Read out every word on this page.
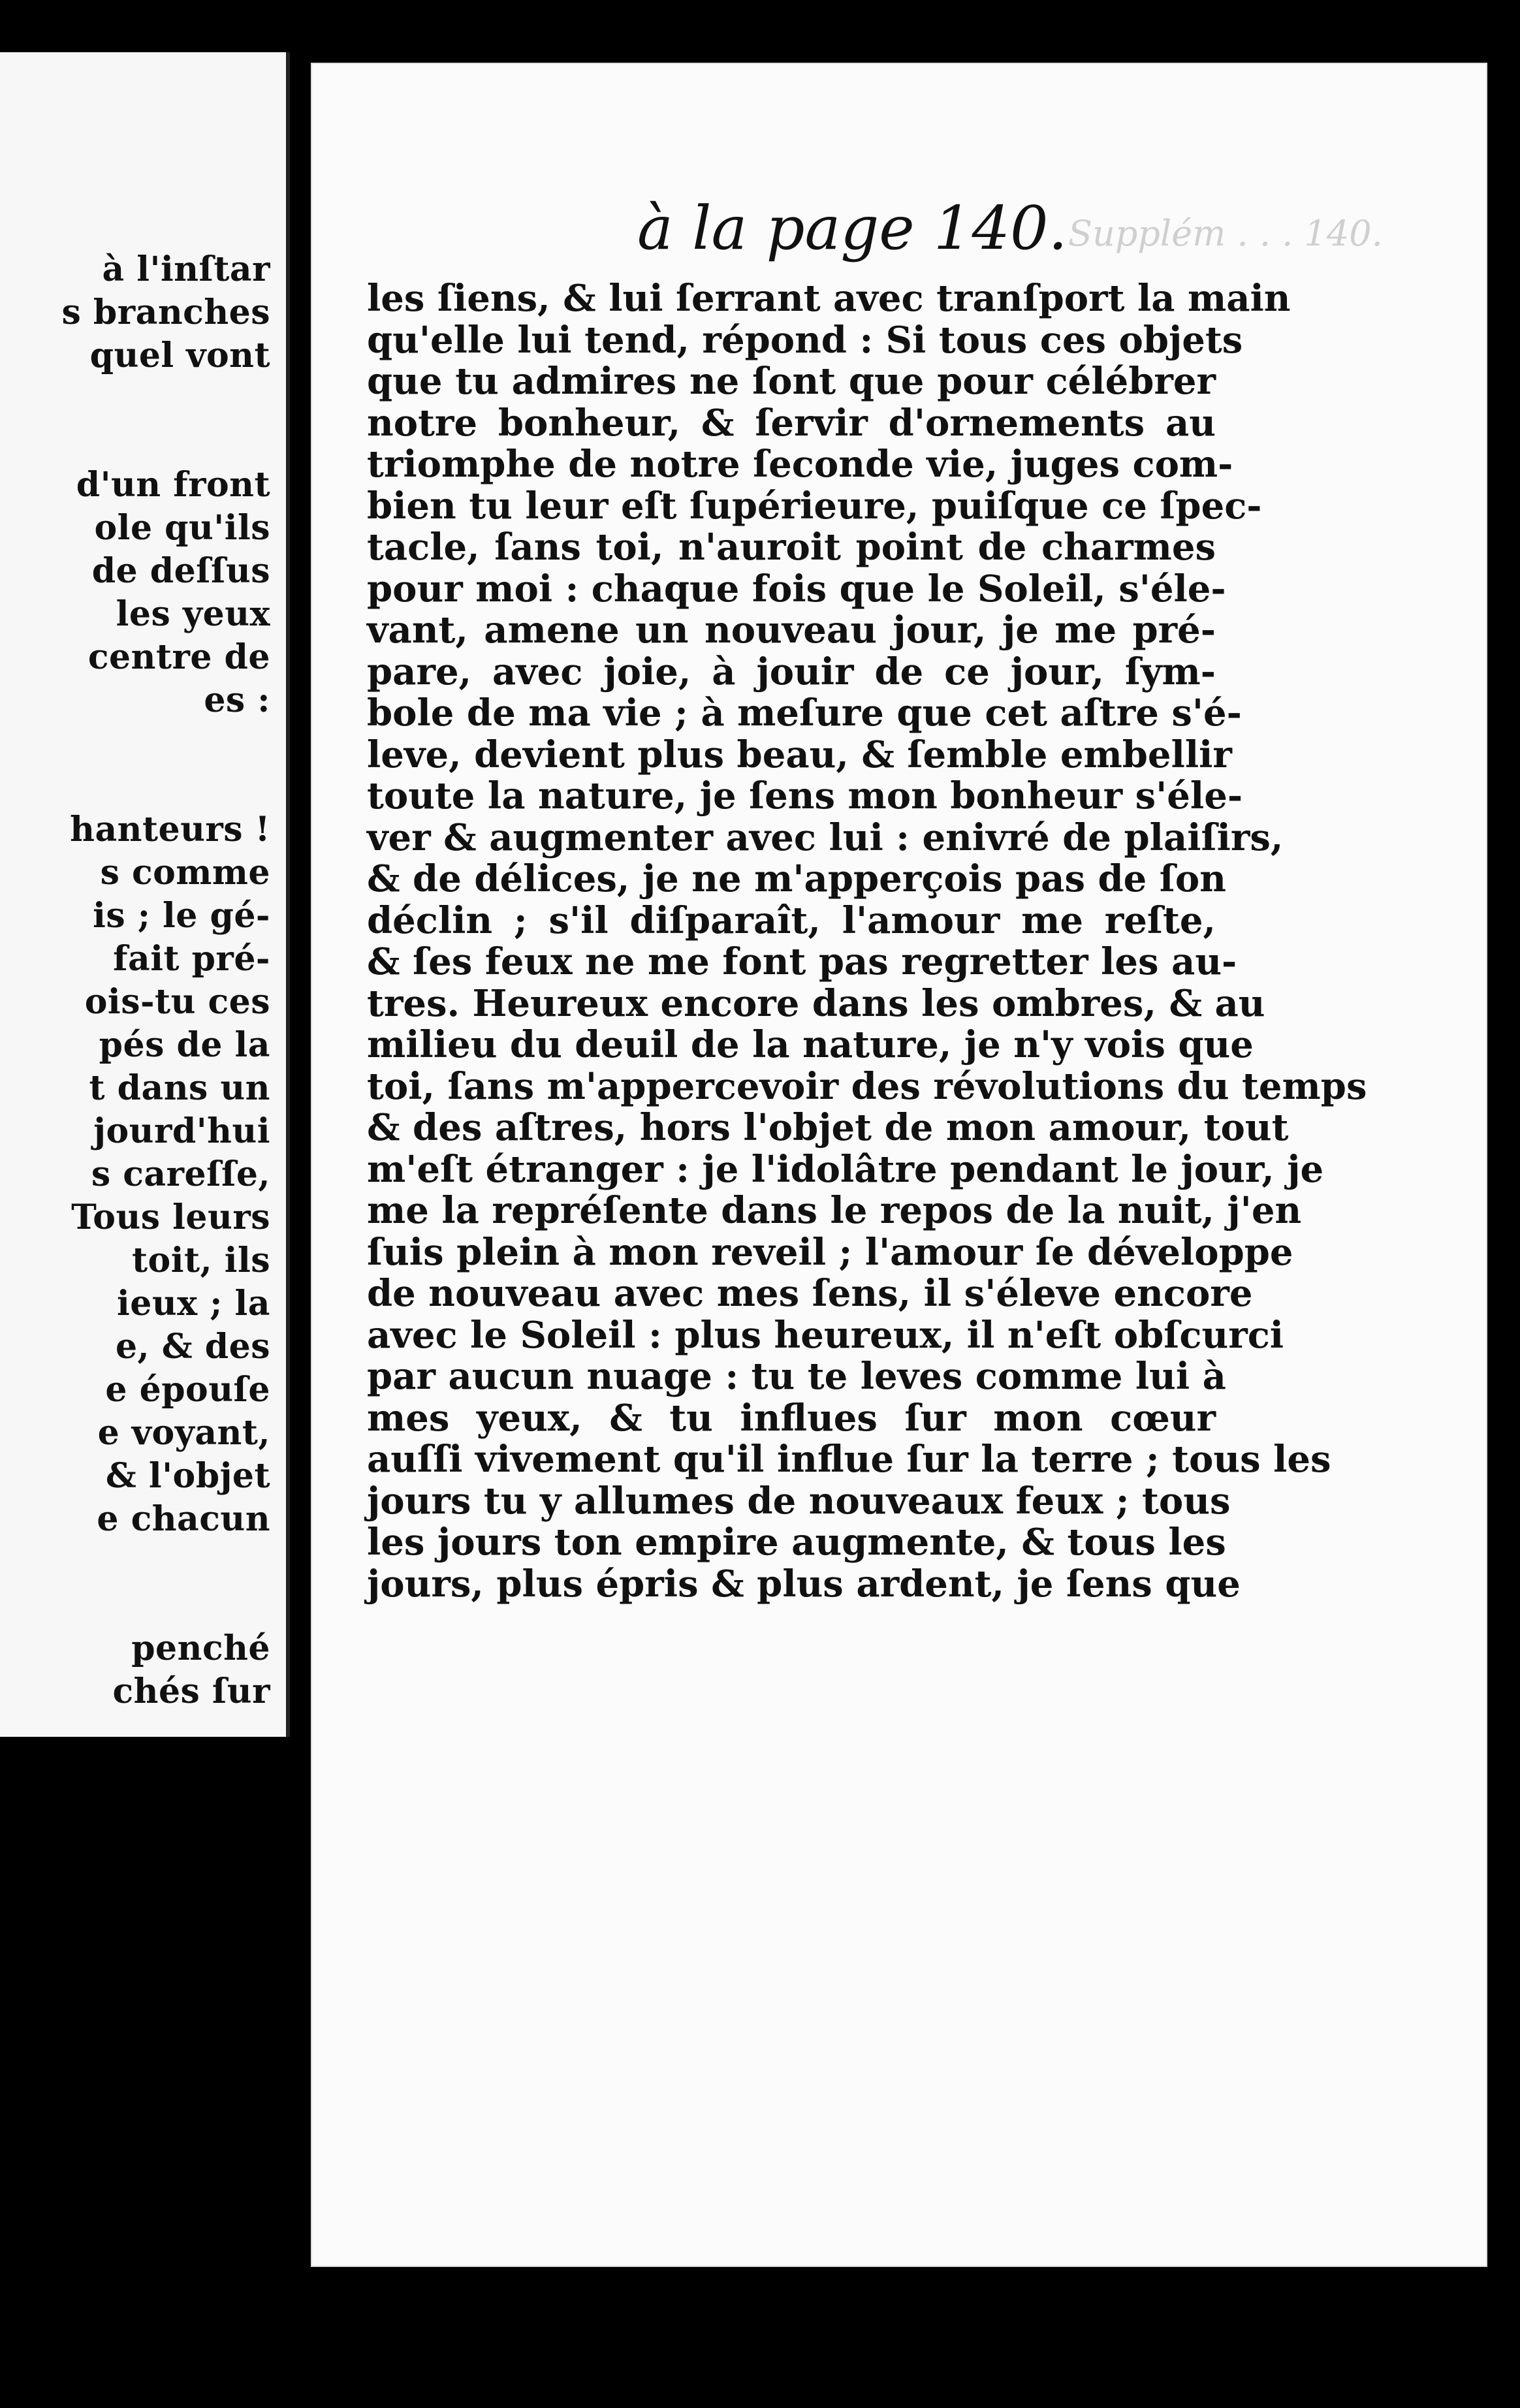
à l'inſtar
s branches
quel vont
d'un front
ole qu'ils
de deſſus
les yeux
centre de
es :
hanteurs !
s comme
is ; le gé-
fait pré-
ois-tu ces
pés de la
t dans un
jourd'hui
s careſſe,
Tous leurs
toit, ils
ieux ; la
e, & des
e épouſe
e voyant,
& l'objet
e chacun
penché
chés ſur
Supplém . . . 140.
à la page 140.
les ſiens, & lui ſerrant avec tranſport la main
qu'elle lui tend, répond : Si tous ces objets
que tu admires ne ſont que pour célébrer
notre bonheur, & ſervir d'ornements au
triomphe de notre ſeconde vie, juges com-
bien tu leur eſt ſupérieure, puiſque ce ſpec-
tacle, ſans toi, n'auroit point de charmes
pour moi : chaque fois que le Soleil, s'éle-
vant, amene un nouveau jour, je me pré-
pare, avec joie, à jouir de ce jour, ſym-
bole de ma vie ; à meſure que cet aſtre s'é-
leve, devient plus beau, & ſemble embellir
toute la nature, je ſens mon bonheur s'éle-
ver & augmenter avec lui : enivré de plaiſirs,
& de délices, je ne m'apperçois pas de ſon
déclin ; s'il diſparaît, l'amour me reſte,
& ſes feux ne me font pas regretter les au-
tres. Heureux encore dans les ombres, & au
milieu du deuil de la nature, je n'y vois que
toi, ſans m'appercevoir des révolutions du temps
& des aſtres, hors l'objet de mon amour, tout
m'eſt étranger : je l'idolâtre pendant le jour, je
me la repréſente dans le repos de la nuit, j'en
ſuis plein à mon reveil ; l'amour ſe développe
de nouveau avec mes ſens, il s'éleve encore
avec le Soleil : plus heureux, il n'eſt obſcurci
par aucun nuage : tu te leves comme lui à
mes yeux, & tu influes ſur mon cœur
auſſi vivement qu'il influe ſur la terre ; tous les
jours tu y allumes de nouveaux feux ; tous
les jours ton empire augmente, & tous les
jours, plus épris & plus ardent, je ſens que
